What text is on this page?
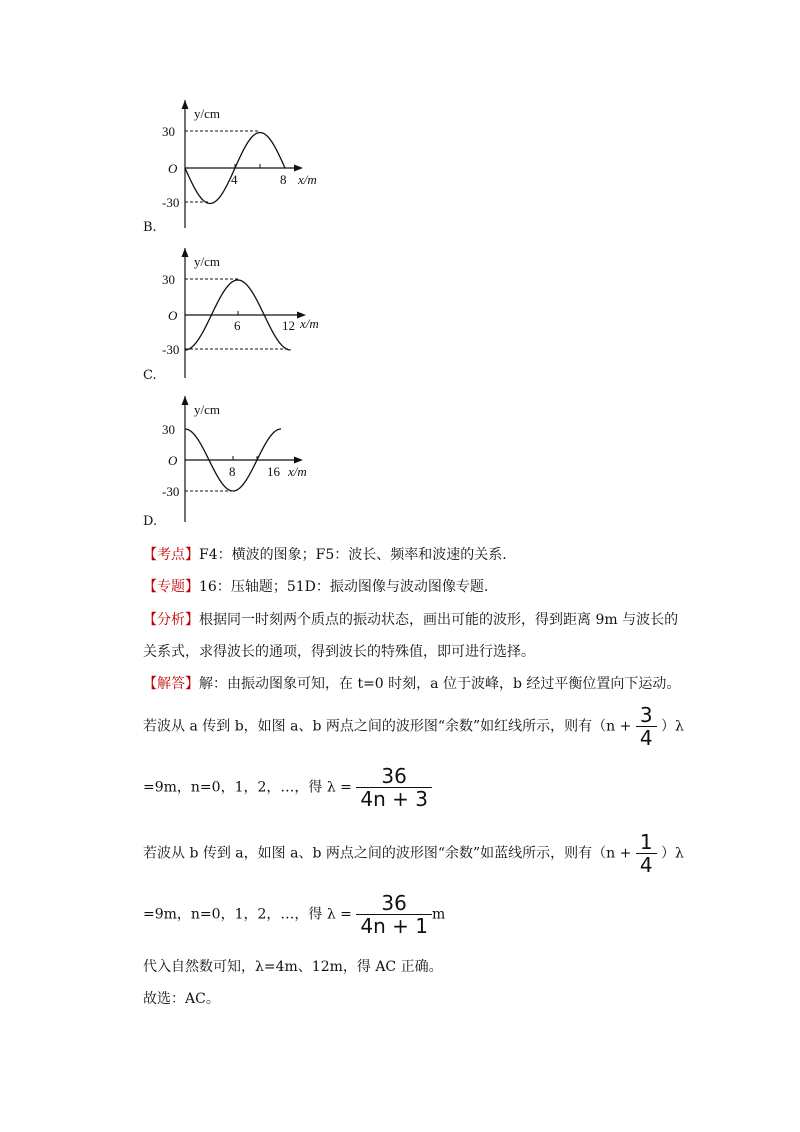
y/cm
30
-30
O
4	8 x/m
B.
y/cm
30
-30
O
6	12 x/m
C.
y/cm
30
-30
O
8 16 x/m
D.
【考点】F4：横波的图象；F5：波长、频率和波速的关系.
【专题】16：压轴题；51D：振动图像与波动图像专题.
【分析】根据同一时刻两个质点的振动状态，画出可能的波形，得到距离 9m 与波长的
关系式，求得波长的通项，得到波长的特殊值，即可进行选择。
【解答】解：由振动图象可知，在 t=0 时刻，a 位于波峰，b 经过平衡位置向下运动。
若波从 a 传到 b，如图 a、b 两点之间的波形图“余数”如红线所示，则有$(n + \frac{3}{4} )\lambda$
=9m，n=0，1，2，…，得 $\lambda = \frac{36}{4n + 3}$
若波从 b 传到 a，如图 a、b 两点之间的波形图“余数”如蓝线所示，则有$(n + \frac{1}{4} )\lambda$
=9m，n=0，1，2，…，得 $\lambda = \frac{36}{4n + 1}$ m
代入自然数可知，λ=4m、12m，得 AC 正确。
故选：AC。
